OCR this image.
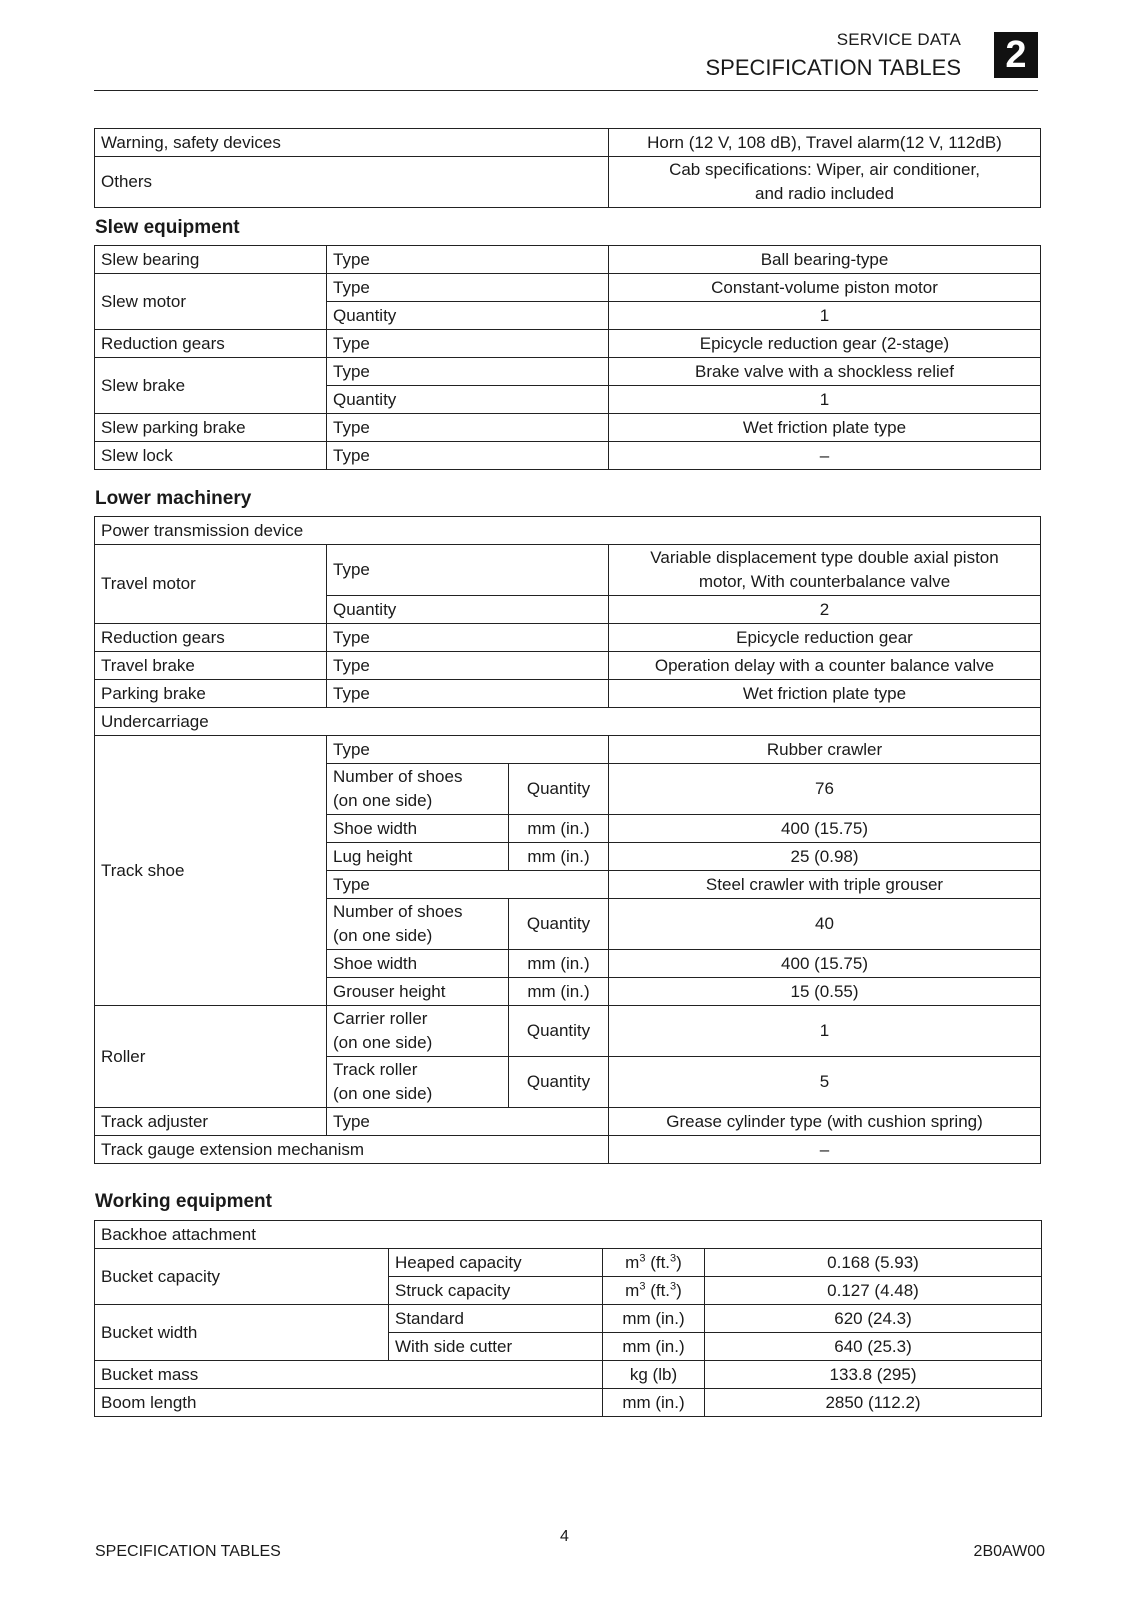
SERVICE DATA
SPECIFICATION TABLES	2
Warning, safety devices	Horn (12 V, 108 dB), Travel alarm(12 V, 112dB)
Others	Cab specifications: Wiper, air conditioner,
and radio included
Slew equipment
Slew bearing	Type	Ball bearing-type
Slew motor	Type	Constant-volume piston motor
	Quantity	1
Reduction gears	Type	Epicycle reduction gear (2-stage)
Slew brake	Type	Brake valve with a shockless relief
	Quantity	1
Slew parking brake	Type	Wet friction plate type
Slew lock	Type	–
Lower machinery
Power transmission device			
Travel motor	Type		Variable displacement type double axial piston
motor, With counterbalance valve

	Quantity		2
Reduction gears	Type		Epicycle reduction gear
Travel brake	Type		Operation delay with a counter balance valve
Parking brake	Type		Wet friction plate type
Undercarriage			
Track shoe	Type		Rubber crawler

	Number of shoes
(on one side)	Quantity	76
	Shoe width	mm (in.)	400 (15.75)
	Lug height	mm (in.)	25 (0.98)
	Type		Steel crawler with triple grouser

	Number of shoes
(on one side)	Quantity	40
	Shoe width	mm (in.)	400 (15.75)
	Grouser height	mm (in.)	15 (0.55)
Roller	Carrier roller
(on one side)	Quantity	1

	Track roller
(on one side)	Quantity	5
Track adjuster	Type		Grease cylinder type (with cushion spring)
Track gauge extension mechanism			–
Working equipment
Backhoe attachment			
Bucket capacity	Heaped capacity	$m^3$ (ft.$^3$)	0.168 (5.93)
	Struck capacity	$m^3$ (ft.$^3$)	0.127 (4.48)
Bucket width	Standard	mm (in.)	620 (24.3)
	With side cutter	mm (in.)	640 (25.3)
Bucket mass		kg (lb)	133.8 (295)
Boom length		mm (in.)	2850 (112.2)
SPECIFICATION TABLES
4
2B0AW00
